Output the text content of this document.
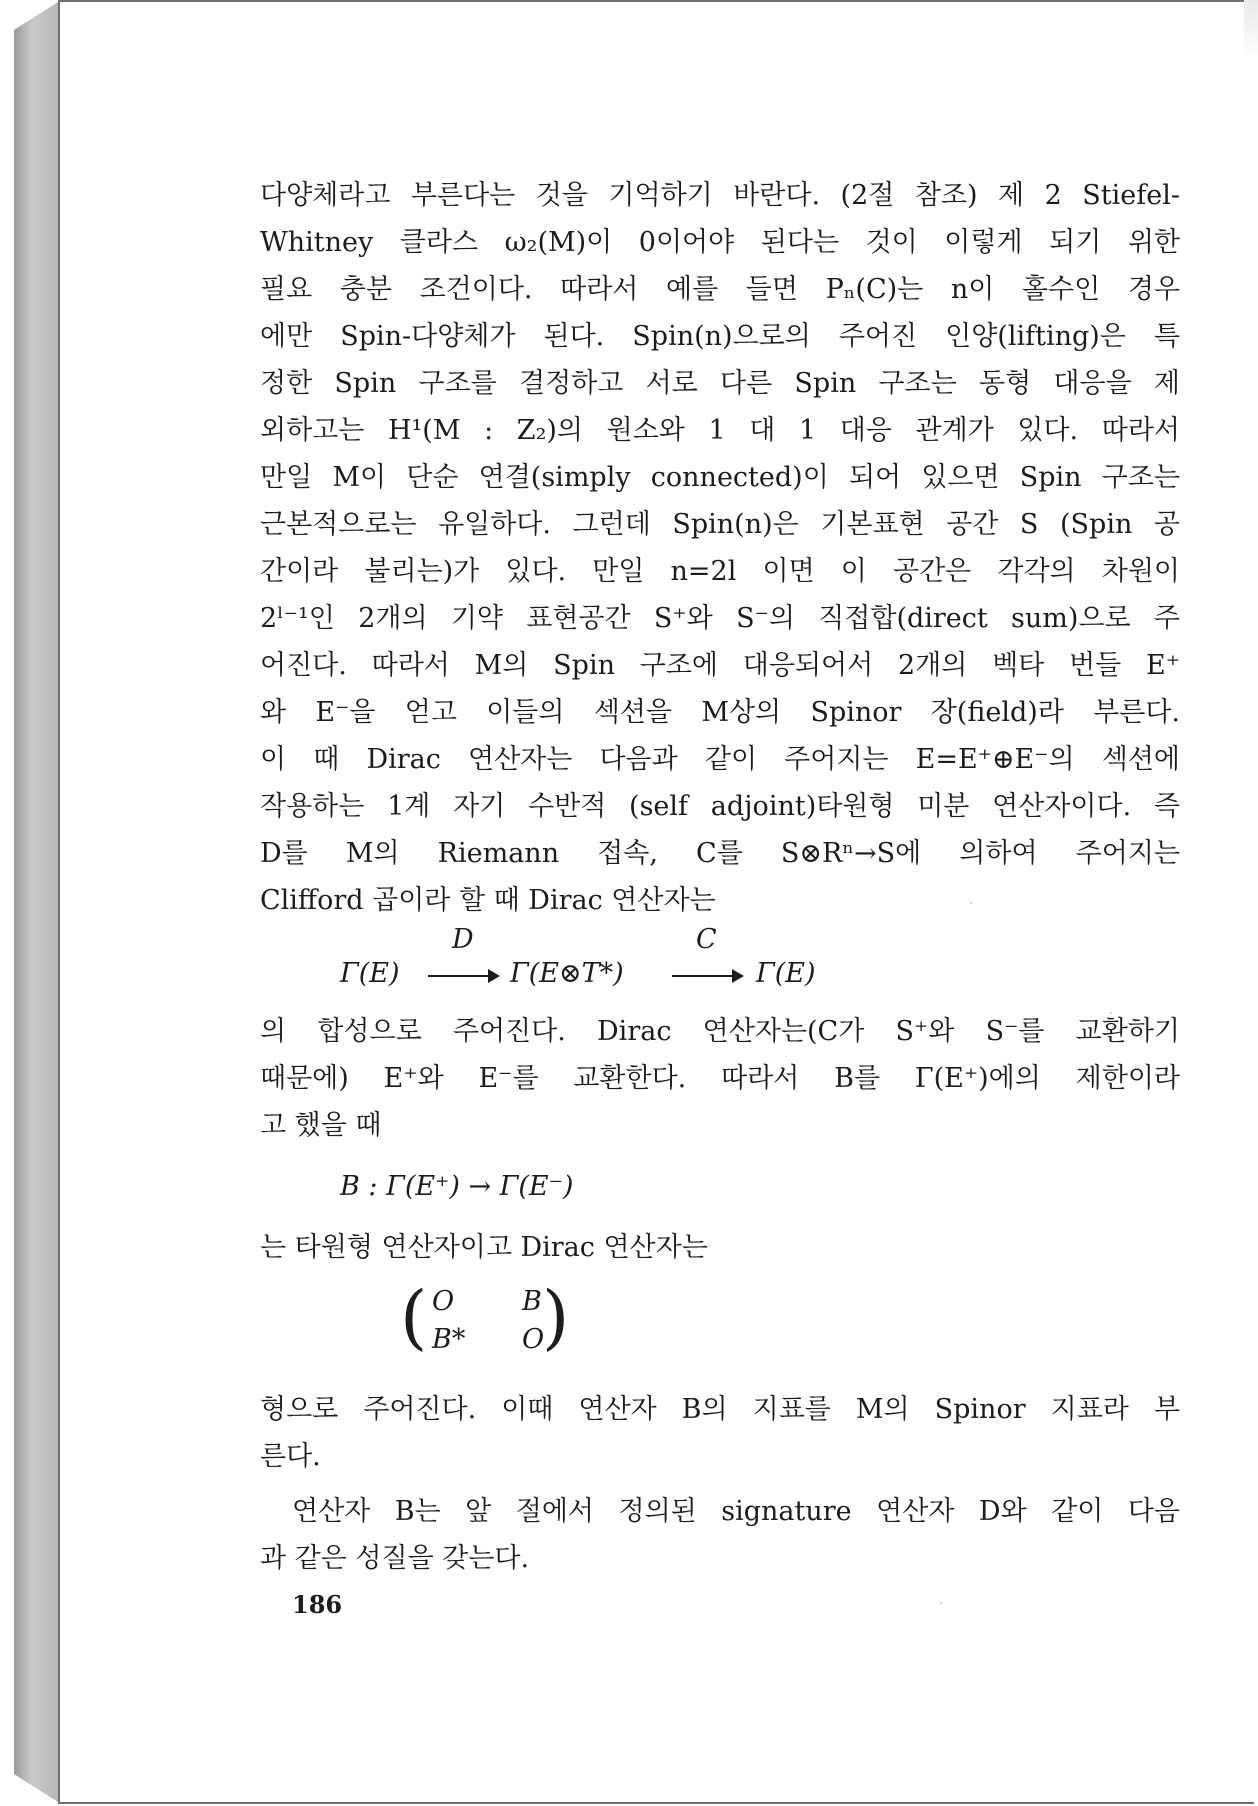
다양체라고 부른다는 것을 기억하기 바란다. (2절 참조) 제 2 Stiefel-
Whitney 클라스 ω₂(M)이 0이어야 된다는 것이 이렇게 되기 위한
필요 충분 조건이다. 따라서 예를 들면 Pₙ(C)는 n이 홀수인 경우
에만 Spin-다양체가 된다. Spin(n)으로의 주어진 인양(lifting)은 특
정한 Spin 구조를 결정하고 서로 다른 Spin 구조는 동형 대응을 제
외하고는 H¹(M : Z₂)의 원소와 1 대 1 대응 관계가 있다. 따라서
만일 M이 단순 연결(simply connected)이 되어 있으면 Spin 구조는
근본적으로는 유일하다. 그런데 Spin(n)은 기본표현 공간 S (Spin 공
간이라 불리는)가 있다. 만일 n=2l 이면 이 공간은 각각의 차원이
2ˡ⁻¹인 2개의 기약 표현공간 S⁺와 S⁻의 직접합(direct sum)으로 주
어진다. 따라서 M의 Spin 구조에 대응되어서 2개의 벡타 번들 E⁺
와 E⁻을 얻고 이들의 섹션을 M상의 Spinor 장(field)라 부른다.
이 때 Dirac 연산자는 다음과 같이 주어지는 E=E⁺⊕E⁻의 섹션에
작용하는 1계 자기 수반적 (self adjoint)타원형 미분 연산자이다. 즉
D를 M의 Riemann 접속, C를 S⊗Rⁿ→S에 의하여 주어지는
Clifford 곱이라 할 때 Dirac 연산자는
Γ(E)
D
Γ(E⊗T*)
C
Γ(E)
의 합성으로 주어진다. Dirac 연산자는(C가 S⁺와 S⁻를 교환하기
때문에) E⁺와 E⁻를 교환한다. 따라서 B를 Γ(E⁺)에의 제한이라
고 했을 때
B : Γ(E⁺) → Γ(E⁻)
는 타원형 연산자이고 Dirac 연산자는
( O	B
B* O
)
형으로 주어진다. 이때 연산자 B의 지표를 M의 Spinor 지표라 부
른다.
연산자 B는 앞 절에서 정의된 signature 연산자 D와 같이 다음
과 같은 성질을 갖는다.
186
